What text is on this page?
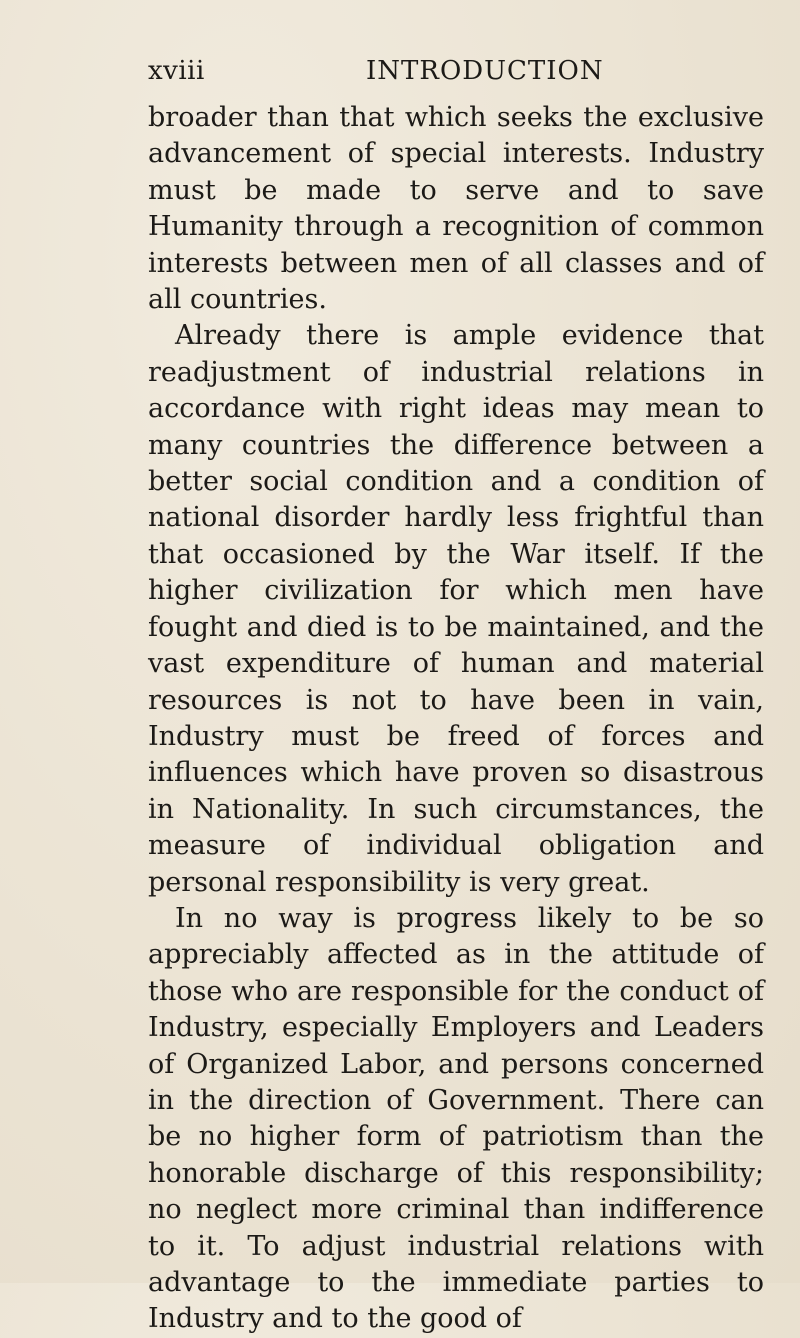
xviii	INTRODUCTION

broader than that which seeks the exclusive advancement of special interests. Industry must be made to serve and to save Humanity through a recognition of common interests between men of all classes and of all countries.

Already there is ample evidence that readjustment of industrial relations in accordance with right ideas may mean to many countries the difference between a better social condition and a condition of national disorder hardly less frightful than that occasioned by the War itself. If the higher civilization for which men have fought and died is to be maintained, and the vast expenditure of human and material resources is not to have been in vain, Industry must be freed of forces and influences which have proven so disastrous in Nationality. In such circumstances, the measure of individual obligation and personal responsibility is very great.

In no way is progress likely to be so appreciably affected as in the attitude of those who are responsible for the conduct of Industry, especially Employers and Leaders of Organized Labor, and persons concerned in the direction of Government. There can be no higher form of patriotism than the honorable discharge of this responsibility; no neglect more criminal than indifference to it. To adjust industrial relations with advantage to the immediate parties to Industry and to the good of
